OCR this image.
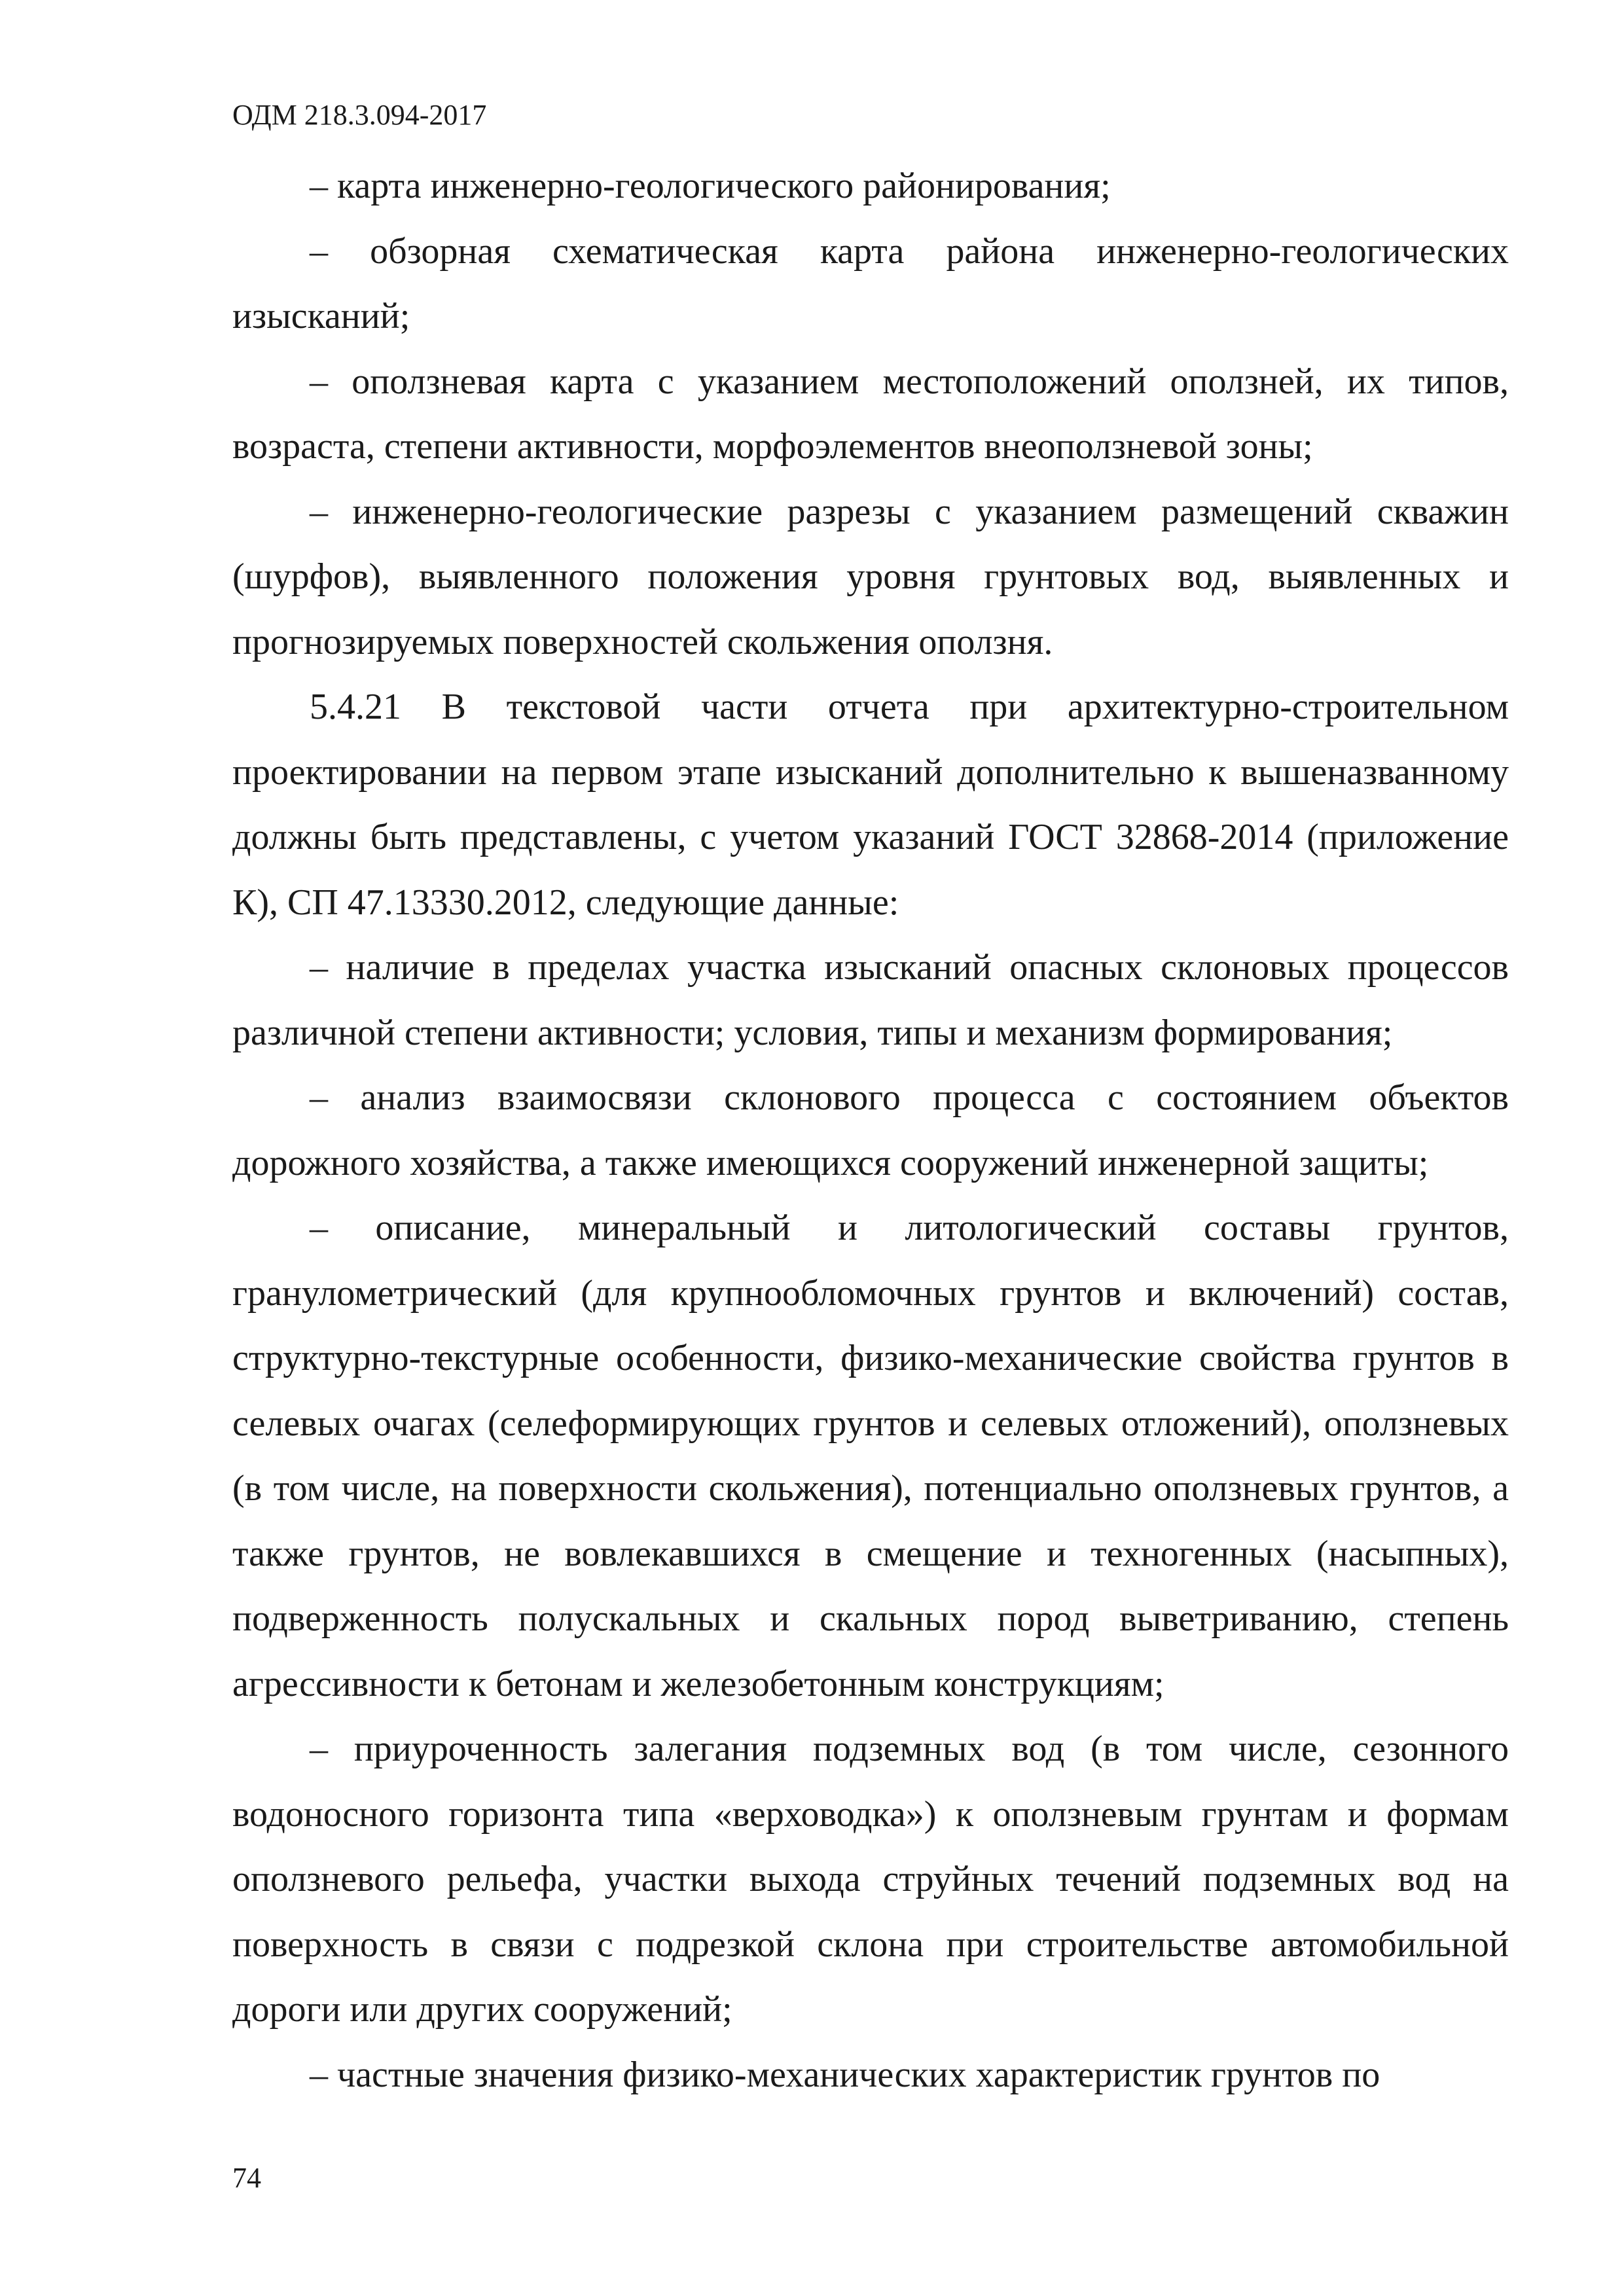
ОДМ 218.3.094-2017

– карта инженерно-геологического районирования;

– обзорная схематическая карта района инженерно-геологических изысканий;

– оползневая карта с указанием местоположений оползней, их типов, возраста, степени активности, морфоэлементов внеоползневой зоны;

– инженерно-геологические разрезы с указанием размещений скважин (шурфов), выявленного положения уровня грунтовых вод, выявленных и прогнозируемых поверхностей скольжения оползня.

5.4.21 В текстовой части отчета при архитектурно-строительном проектировании на первом этапе изысканий дополнительно к вышеназванному должны быть представлены, с учетом указаний ГОСТ 32868-2014 (приложение К), СП 47.13330.2012, следующие данные:

– наличие в пределах участка изысканий опасных склоновых процессов различной степени активности; условия, типы и механизм формирования;

– анализ взаимосвязи склонового процесса с состоянием объектов дорожного хозяйства, а также имеющихся сооружений инженерной защиты;

– описание, минеральный и литологический составы грунтов, гранулометрический (для крупнообломочных грунтов и включений) состав, структурно-текстурные особенности, физико-механические свойства грунтов в селевых очагах (селеформирующих грунтов и селевых отложений), оползневых (в том числе, на поверхности скольжения), потенциально оползневых грунтов, а также грунтов, не вовлекавшихся в смещение и техногенных (насыпных), подверженность полускальных и скальных пород выветриванию, степень агрессивности к бетонам и железобетонным конструкциям;

– приуроченность залегания подземных вод (в том числе, сезонного водоносного горизонта типа «верховодка») к оползневым грунтам и формам оползневого рельефа, участки выхода струйных течений подземных вод на поверхность в связи с подрезкой склона при строительстве автомобильной дороги или других сооружений;

– частные значения физико-механических характеристик грунтов по

74
